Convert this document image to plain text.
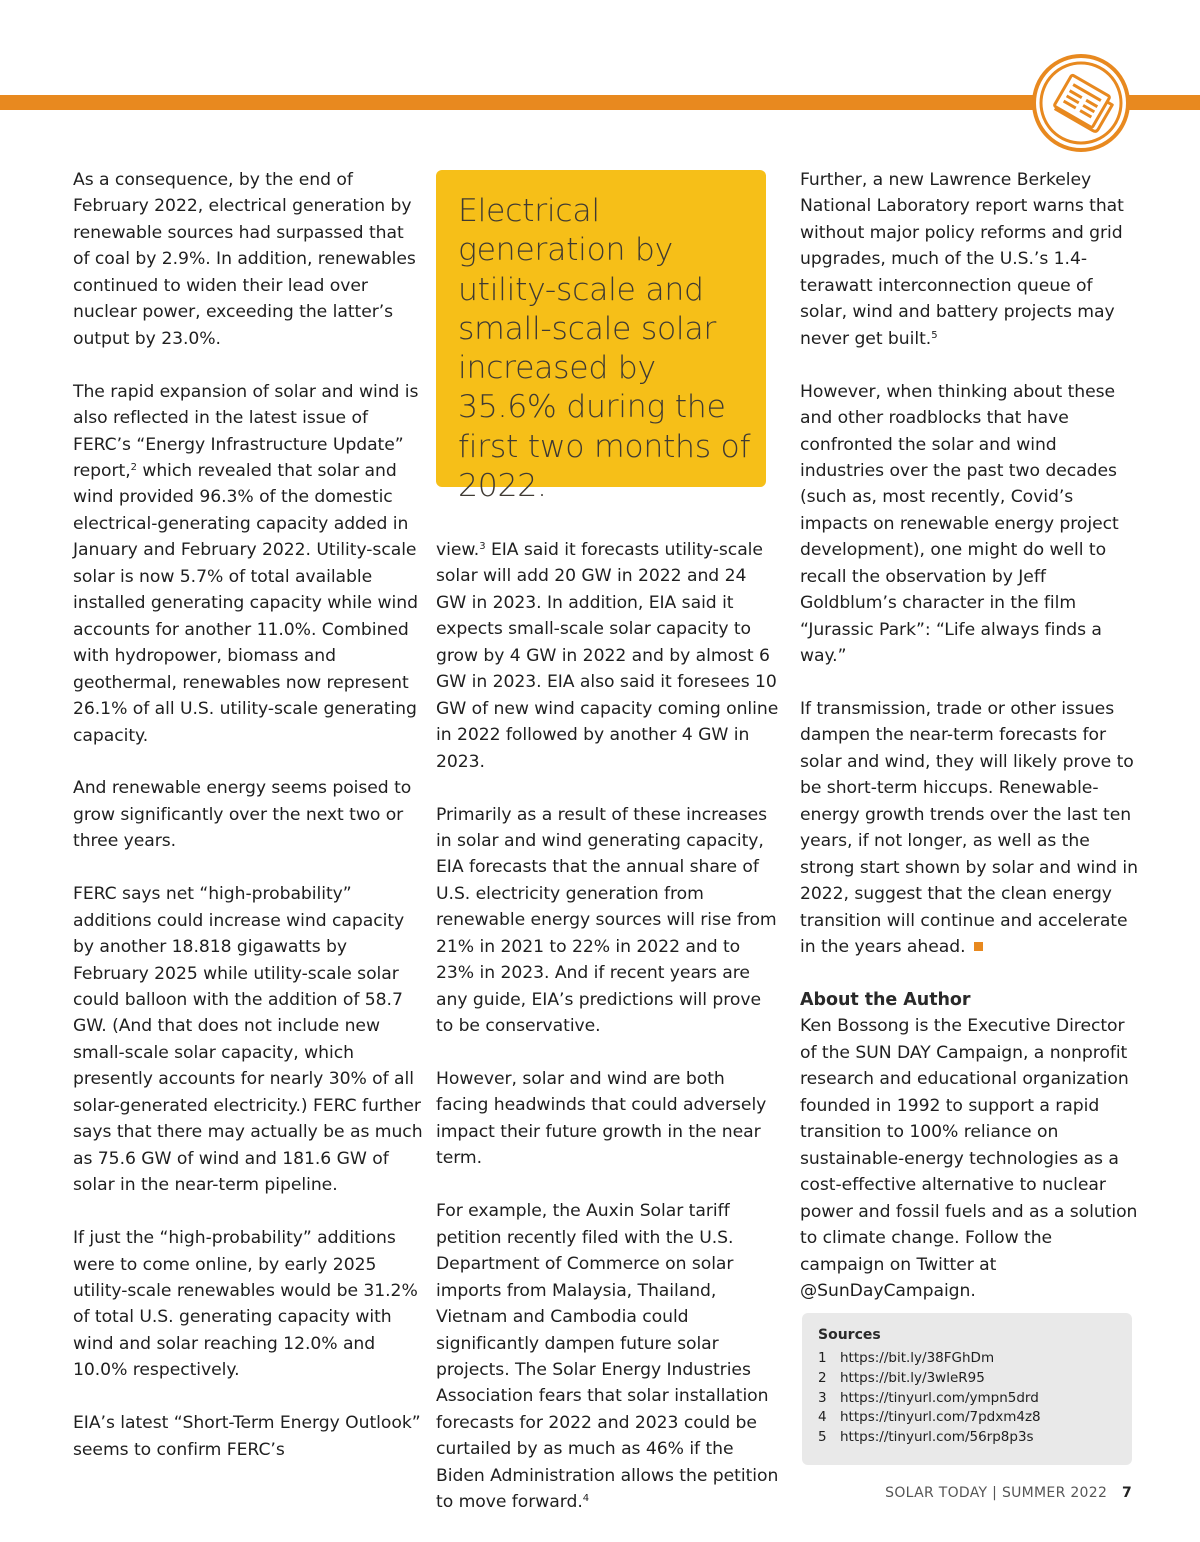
As a consequence, by the end of February 2022, electrical generation by renewable sources had surpassed that of coal by 2.9%. In addition, renewables continued to widen their lead over nuclear power, exceeding the latter’s output by 23.0%.

The rapid expansion of solar and wind is also reflected in the latest issue of FERC’s “Energy Infrastructure Update” report,$^2$ which revealed that solar and wind provided 96.3% of the domestic electrical-generating capacity added in January and February 2022. Utility-scale solar is now 5.7% of total available installed generating capacity while wind accounts for another 11.0%. Combined with hydropower, biomass and geothermal, renewables now represent 26.1% of all U.S. utility-scale generating capacity.

And renewable energy seems poised to grow significantly over the next two or three years.

FERC says net “high-probability” additions could increase wind capacity by another 18.818 gigawatts by February 2025 while utility-scale solar could balloon with the addition of 58.7 GW. (And that does not include new small-scale solar capacity, which presently accounts for nearly 30% of all solar-generated electricity.) FERC further says that there may actually be as much as 75.6 GW of wind and 181.6 GW of solar in the near-term pipeline.

If just the “high-probability” additions were to come online, by early 2025 utility-scale renewables would be 31.2% of total U.S. generating capacity with wind and solar reaching 12.0% and 10.0% respectively.

EIA’s latest “Short-Term Energy Outlook” seems to confirm FERC’s

Electrical generation by utility-scale and small-scale solar increased by 35.6% during the first two months of 2022.

view.$^3$ EIA said it forecasts utility-scale solar will add 20 GW in 2022 and 24 GW in 2023. In addition, EIA said it expects small-scale solar capacity to grow by 4 GW in 2022 and by almost 6 GW in 2023. EIA also said it foresees 10 GW of new wind capacity coming online in 2022 followed by another 4 GW in 2023.

Primarily as a result of these increases in solar and wind generating capacity, EIA forecasts that the annual share of U.S. electricity generation from renewable energy sources will rise from 21% in 2021 to 22% in 2022 and to 23% in 2023. And if recent years are any guide, EIA’s predictions will prove to be conservative.

However, solar and wind are both facing headwinds that could adversely impact their future growth in the near term.

For example, the Auxin Solar tariff petition recently filed with the U.S. Department of Commerce on solar imports from Malaysia, Thailand, Vietnam and Cambodia could significantly dampen future solar projects. The Solar Energy Industries Association fears that solar installation forecasts for 2022 and 2023 could be curtailed by as much as 46% if the Biden Administration allows the petition to move forward.$^4$

Further, a new Lawrence Berkeley National Laboratory report warns that without major policy reforms and grid upgrades, much of the U.S.’s 1.4-terawatt interconnection queue of solar, wind and battery projects may never get built.$^5$

However, when thinking about these and other roadblocks that have confronted the solar and wind industries over the past two decades (such as, most recently, Covid’s impacts on renewable energy project development), one might do well to recall the observation by Jeff Goldblum’s character in the film “Jurassic Park”: “Life always finds a way.”

If transmission, trade or other issues dampen the near-term forecasts for solar and wind, they will likely prove to be short-term hiccups. Renewable-energy growth trends over the last ten years, if not longer, as well as the strong start shown by solar and wind in 2022, suggest that the clean energy transition will continue and accelerate in the years ahead.

About the Author

Ken Bossong is the Executive Director of the SUN DAY Campaign, a nonprofit research and educational organization founded in 1992 to support a rapid transition to 100% reliance on sustainable-energy technologies as a cost-effective alternative to nuclear power and fossil fuels and as a solution to climate change. Follow the campaign on Twitter at @SunDayCampaign.

Sources
1 https://bit.ly/38FGhDm
2 https://bit.ly/3wleR95
3 https://tinyurl.com/ympn5drd
4 https://tinyurl.com/7pdxm4z8
5 https://tinyurl.com/56rp8p3s
SOLAR TODAY | SUMMER 2022 7
